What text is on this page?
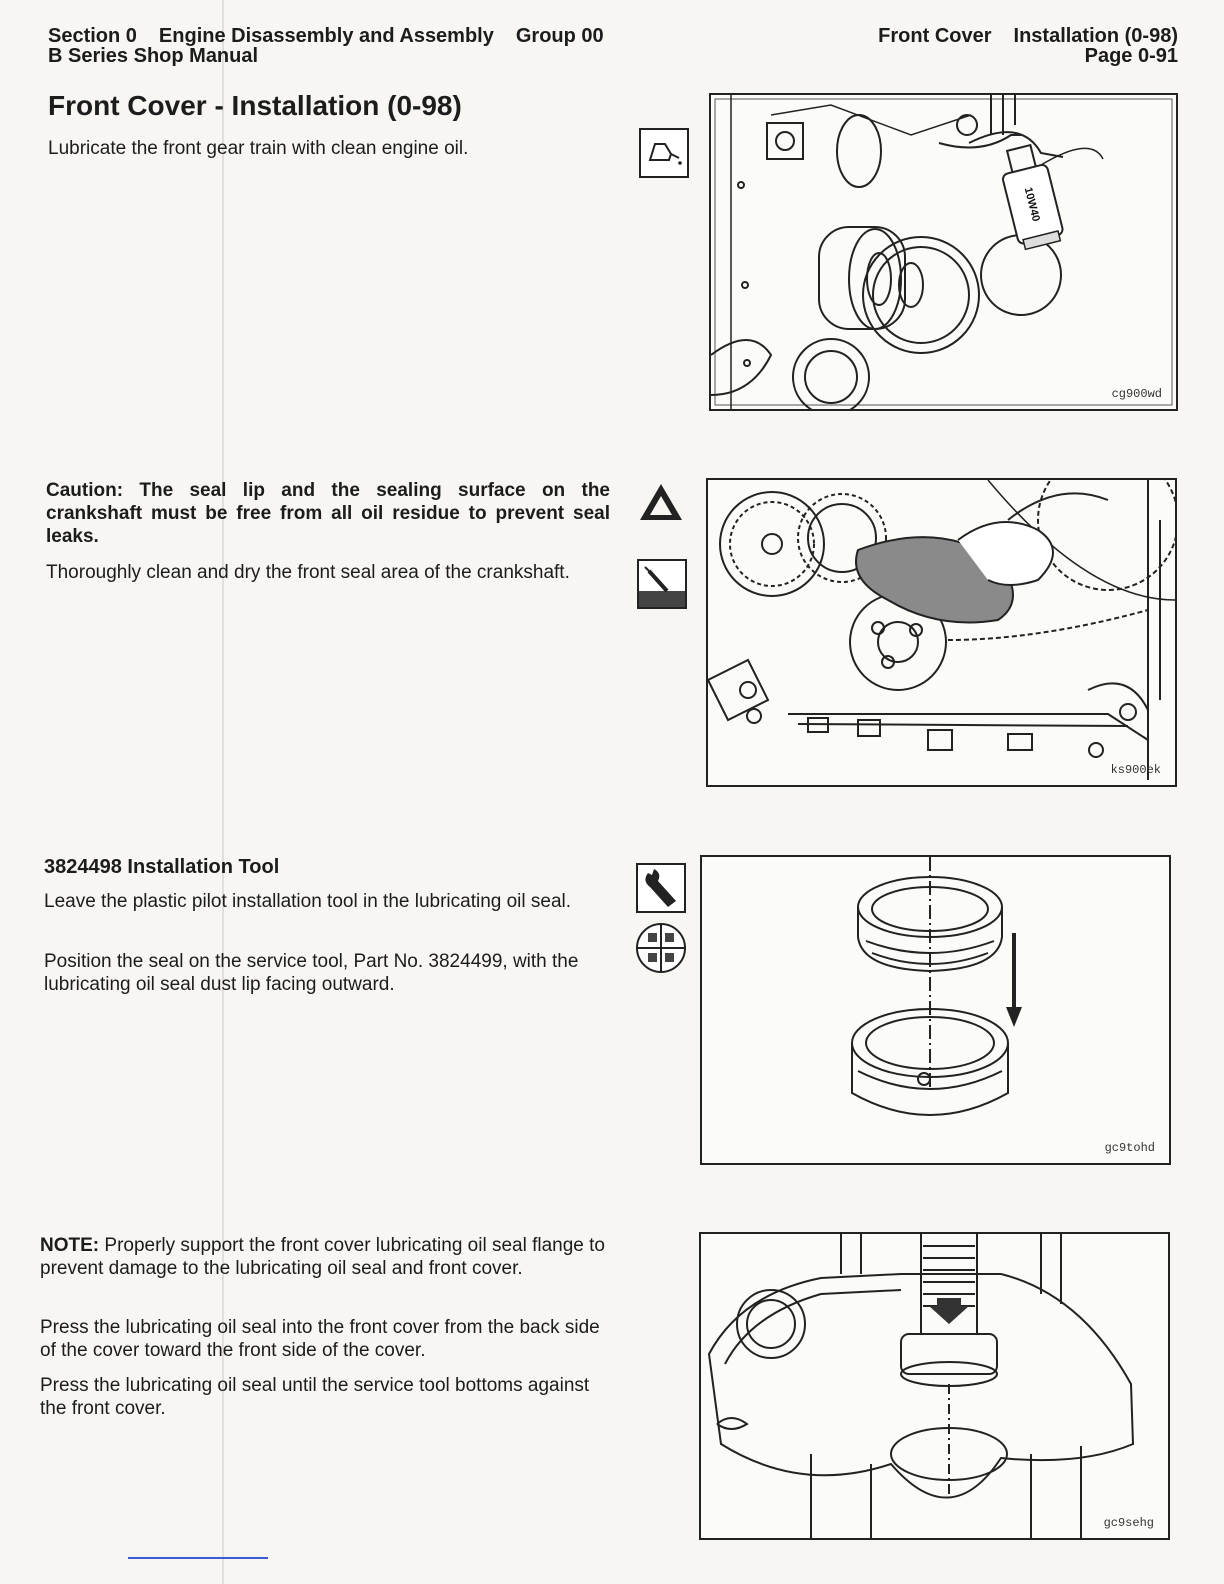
Section 0 Engine Disassembly and Assembly Group 00
B Series Shop Manual
Front Cover Installation (0-98)
Page 0-91
Front Cover - Installation (0-98)
Lubricate the front gear train with clean engine oil.
10W40
cg900wd
Caution: The seal lip and the sealing surface on the crankshaft must be free from all oil residue to prevent seal leaks.
Thoroughly clean and dry the front seal area of the crankshaft.
ks900ek
3824498 Installation Tool
Leave the plastic pilot installation tool in the lubricating oil seal.
Position the seal on the service tool, Part No. 3824499, with the lubricating oil seal dust lip facing outward.
gc9tohd
NOTE: Properly support the front cover lubricating oil seal flange to prevent damage to the lubricating oil seal and front cover.
Press the lubricating oil seal into the front cover from the back side of the cover toward the front side of the cover.
Press the lubricating oil seal until the service tool bottoms against the front cover.
gc9sehg
